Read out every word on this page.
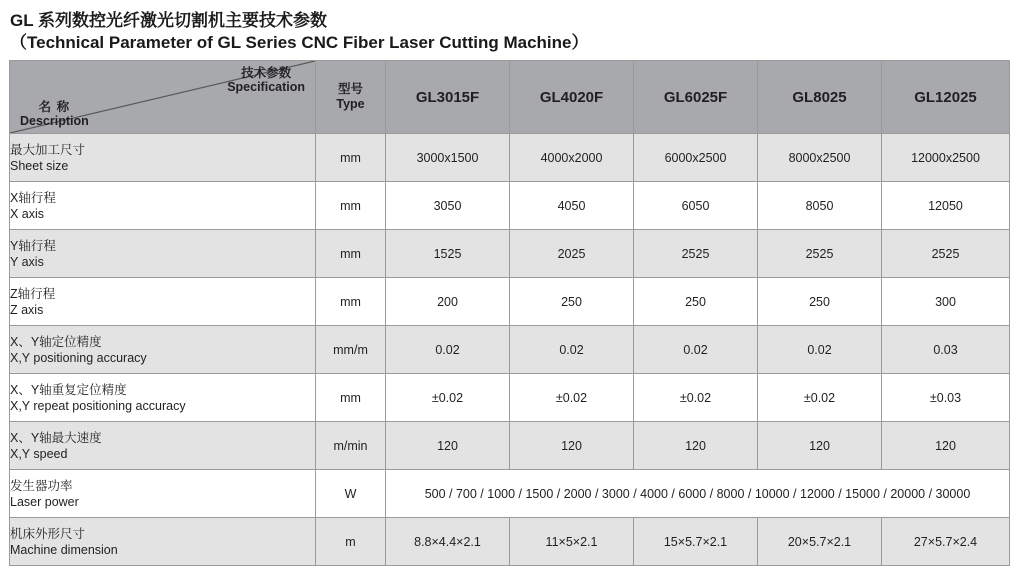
GL 系列数控光纤激光切割机主要技术参数
（Technical Parameter of GL Series CNC Fiber Laser Cutting Machine）
技术参数
Specification
名 称
Description

型号
Type	GL3015F	GL4020F	GL6025F	GL8025	GL12025

最大加工尺寸
Sheet size	mm	3000x1500	4000x2000	6000x2500	8000x2500	12000x2500

X轴行程
X axis	mm	3050	4050	6050	8050	12050

Y轴行程
Y axis	mm	1525	2025	2525	2525	2525

Z轴行程
Z axis	mm	200	250	250	250	300

X、Y轴定位精度
X,Y positioning accuracy	mm/m	0.02	0.02	0.02	0.02	0.03

X、Y轴重复定位精度
X,Y repeat positioning accuracy	mm	±0.02	±0.02	±0.02	±0.02	±0.03

X、Y轴最大速度
X,Y speed	m/min	120	120	120	120	120

发生器功率
Laser power	W	500 / 700 / 1000 / 1500 / 2000 / 3000 / 4000 / 6000 / 8000 / 10000 / 12000 / 15000 / 20000 / 30000				

机床外形尺寸
Machine dimension	m	8.8×4.4×2.1	11×5×2.1	15×5.7×2.1	20×5.7×2.1	27×5.7×2.4
